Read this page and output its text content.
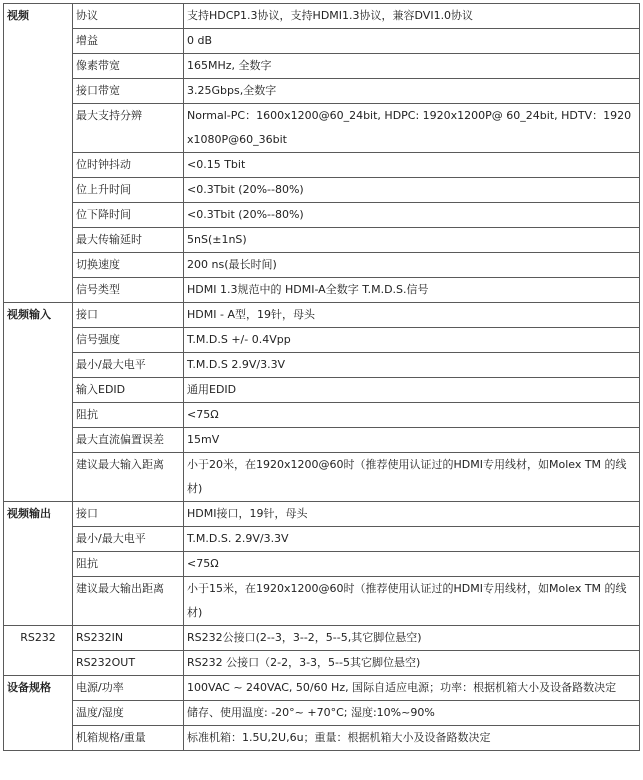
视频	协议	支持HDCP1.3协议，支持HDMI1.3协议，兼容DVI1.0协议
	增益	0 dB
	像素带宽	165MHz, 全数字
	接口带宽	3.25Gbps,全数字
	最大支持分辨	Normal-PC：1600x1200@60_24bit, HDPC: 1920x1200P@ 60_24bit, HDTV：1920x1080P@60_36bit
	位时钟抖动	<0.15 Tbit
	位上升时间	<0.3Tbit (20%--80%)
	位下降时间	<0.3Tbit (20%--80%)
	最大传输延时	5nS(±1nS)
	切换速度	200 ns(最长时间)
	信号类型	HDMI 1.3规范中的 HDMI-A全数字 T.M.D.S.信号
视频输入	接口	HDMI - A型，19针，母头
	信号强度	T.M.D.S +/- 0.4Vpp
	最小/最大电平	T.M.D.S 2.9V/3.3V
	输入EDID	通用EDID
	阻抗	<75Ω
	最大直流偏置误差	15mV
	建议最大输入距离	小于20米，在1920x1200@60时（推荐使用认证过的HDMI专用线材，如Molex TM 的线材)
视频输出	接口	HDMI接口，19针，母头
	最小/最大电平	T.M.D.S. 2.9V/3.3V
	阻抗	<75Ω
	建议最大输出距离	小于15米，在1920x1200@60时（推荐使用认证过的HDMI专用线材，如Molex TM 的线材)
RS232	RS232IN	RS232公接口(2--3，3--2，5--5,其它脚位悬空)
	RS232OUT	RS232 公接口（2-2，3-3，5--5其它脚位悬空)
设备规格	电源/功率	100VAC ~ 240VAC, 50/60 Hz, 国际自适应电源；功率：根据机箱大小及设备路数决定
	温度/湿度	储存、使用温度: -20°~ +70°C; 湿度:10%~90%
	机箱规格/重量	标准机箱：1.5U,2U,6u；重量：根据机箱大小及设备路数决定
